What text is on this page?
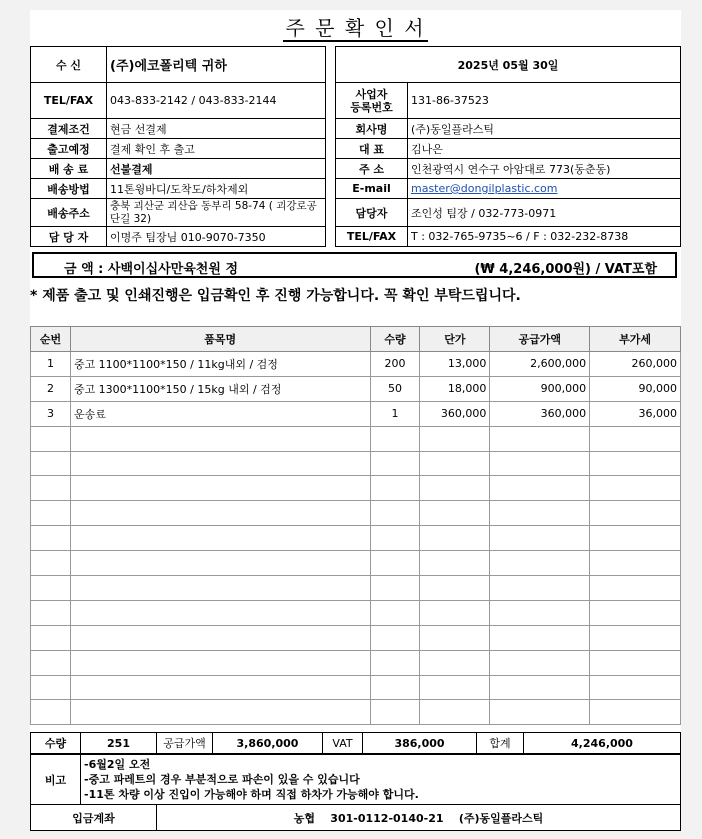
주 문 확 인 서
수 신	(주)에코폴리텍 귀하
TEL/FAX	043-833-2142 / 043-833-2144
결제조건	현금 선결제
출고예정	결제 확인 후 출고
배 송 료	선불결제
배송방법	11톤윙바디/도착도/하차제외
배송주소	충북 괴산군 괴산읍 동부리 58-74 ( 괴강로공단길 32)
담 당 자	이명주 팀장님 010-9070-7350
2025년 05월 30일	
사업자
등록번호	131-86-37523
회사명	(주)동일플라스틱
대 표	김나은
주 소	인천광역시 연수구 아암대로 773(동춘동)
E-mail	master@dongilplastic.com
담당자	조인성 팀장 / 032-773-0971
TEL/FAX	T : 032-765-9735~6 / F : 032-232-8738
금 액 : 사백이십사만육천원 정	(₩ 4,246,000원) / VAT포함
* 제품 출고 및 인쇄진행은 입금확인 후 진행 가능합니다. 꼭 확인 부탁드립니다.
순번	품목명	수량	단가	공급가액	부가세
1	중고 1100*1100*150 / 11kg내외 / 검정	200	13,000	2,600,000	260,000
2	중고 1300*1100*150 / 15kg 내외 / 검정	50	18,000	900,000	90,000
3	운송료	1	360,000	360,000	36,000

수량	251	공급가액	3,860,000	VAT	386,000	합계	4,246,000
비고	
-6월2일 오전
-중고 파레트의 경우 부분적으로 파손이 있을 수 있습니다
-11톤 차량 이상 진입이 가능해야 하며 직접 하차가 가능해야 합니다.
입금계좌	농협    301-0112-0140-21    (주)동일플라스틱
